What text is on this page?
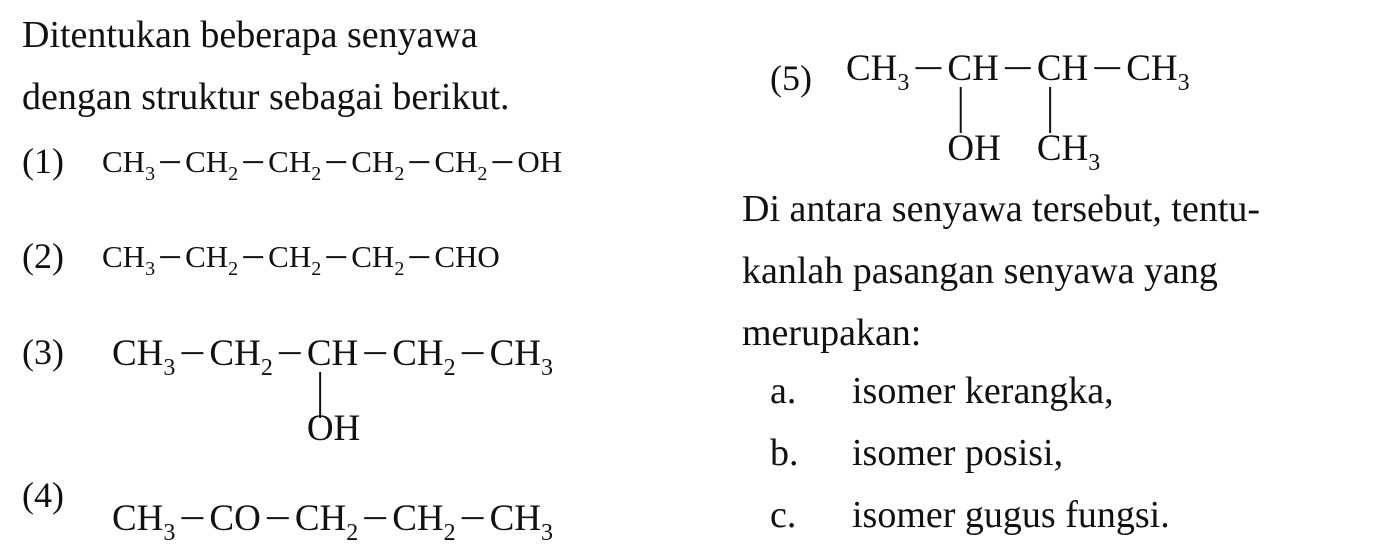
Ditentukan beberapa senyawa
dengan struktur sebagai berikut.
(1)
(2)
(3)
(4)
(5)
$CH_3$ $CH_2$ $CH_2$ $CH_2$ $CH_2$ OH
$CH_3$ $CH_2$ $CH_2$ $CH_2$ CHO
$CH_3$ $CH_2$ CH $CH_2$ $CH_3$
OH
$CH_3$ CO $CH_2$ $CH_2$ $CH_3$
$CH_3$ CH CH $CH_3$
OH $CH_3$
Di antara senyawa tersebut, tentu-
kanlah pasangan senyawa yang
merupakan:
a. isomer kerangka,
b. isomer posisi,
c. isomer gugus fungsi.
